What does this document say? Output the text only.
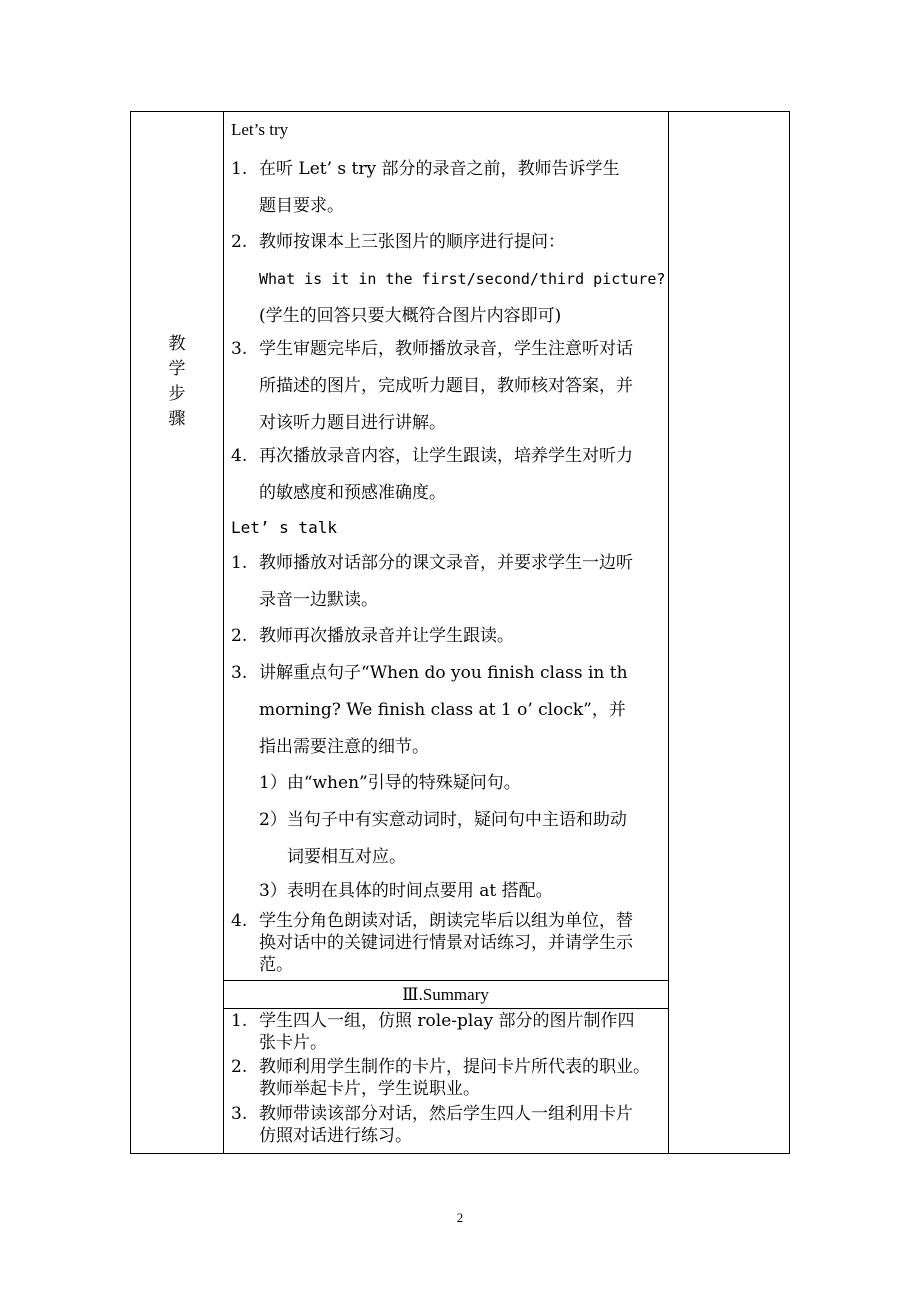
教
学
步
骤
Let’s try
1. 在听 Let’ s try 部分的录音之前，教师告诉学生
题目要求。
2. 教师按课本上三张图片的顺序进行提问：
What is it in the first/second/third picture?
(学生的回答只要大概符合图片内容即可)
3. 学生审题完毕后，教师播放录音，学生注意听对话
所描述的图片，完成听力题目，教师核对答案，并
对该听力题目进行讲解。
4. 再次播放录音内容，让学生跟读，培养学生对听力
的敏感度和预感准确度。
Let’ s talk
1. 教师播放对话部分的课文录音，并要求学生一边听
录音一边默读。
2. 教师再次播放录音并让学生跟读。
3. 讲解重点句子“When do you finish class in th
morning? We finish class at 1 o’ clock”，并
指出需要注意的细节。
1）由“when”引导的特殊疑问句。
2）当句子中有实意动词时，疑问句中主语和助动
词要相互对应。
3）表明在具体的时间点要用 at 搭配。
4. 学生分角色朗读对话，朗读完毕后以组为单位，替
换对话中的关键词进行情景对话练习，并请学生示
范。
Ⅲ.Summary
1. 学生四人一组，仿照 role-play 部分的图片制作四
张卡片。
2. 教师利用学生制作的卡片，提问卡片所代表的职业。
教师举起卡片，学生说职业。
3. 教师带读该部分对话，然后学生四人一组利用卡片
仿照对话进行练习。
2
